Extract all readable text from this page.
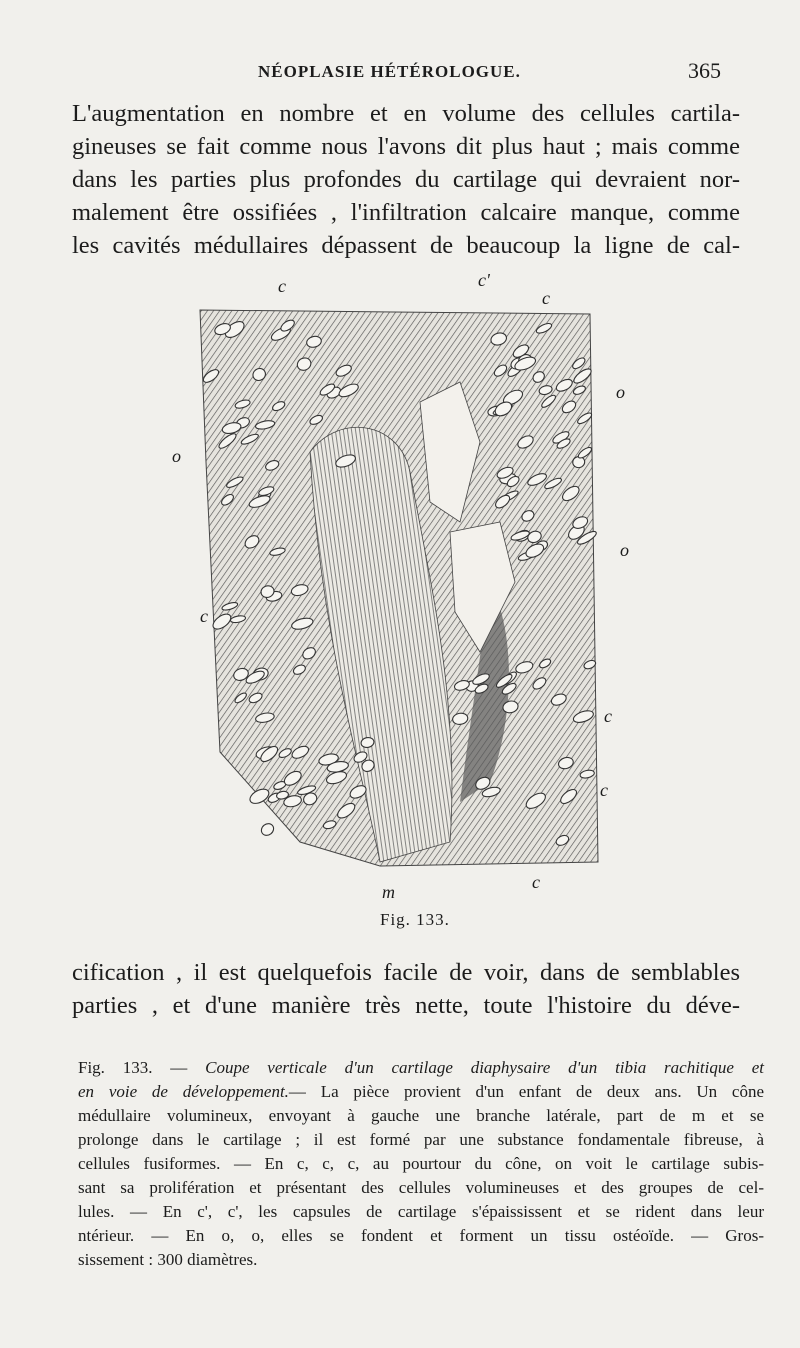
NÉOPLASIE HÉTÉROLOGUE.	365
L'augmentation en nombre et en volume des cellules cartila-
gineuses se fait comme nous l'avons dit plus haut ; mais comme
dans les parties plus profondes du cartilage qui devraient nor-
malement être ossifiées , l'infiltration calcaire manque, comme
les cavités médullaires dépassent de beaucoup la ligne de cal-
c	c'
c
o
o
o
c
c
c
m	c
Fig. 133.
cification , il est quelquefois facile de voir, dans de semblables
parties , et d'une manière très nette, toute l'histoire du déve-
Fig. 133. — Coupe verticale d'un cartilage diaphysaire d'un tibia rachitique et
en voie de développement.— La pièce provient d'un enfant de deux ans. Un cône
médullaire volumineux, envoyant à gauche une branche latérale, part de m et se
prolonge dans le cartilage ; il est formé par une substance fondamentale fibreuse, à
cellules fusiformes. — En c, c, c, au pourtour du cône, on voit le cartilage subis-
sant sa prolifération et présentant des cellules volumineuses et des groupes de cel-
lules. — En c', c', les capsules de cartilage s'épaississent et se rident dans leur
ntérieur. — En o, o, elles se fondent et forment un tissu ostéoïde. — Gros-
sissement : 300 diamètres.
